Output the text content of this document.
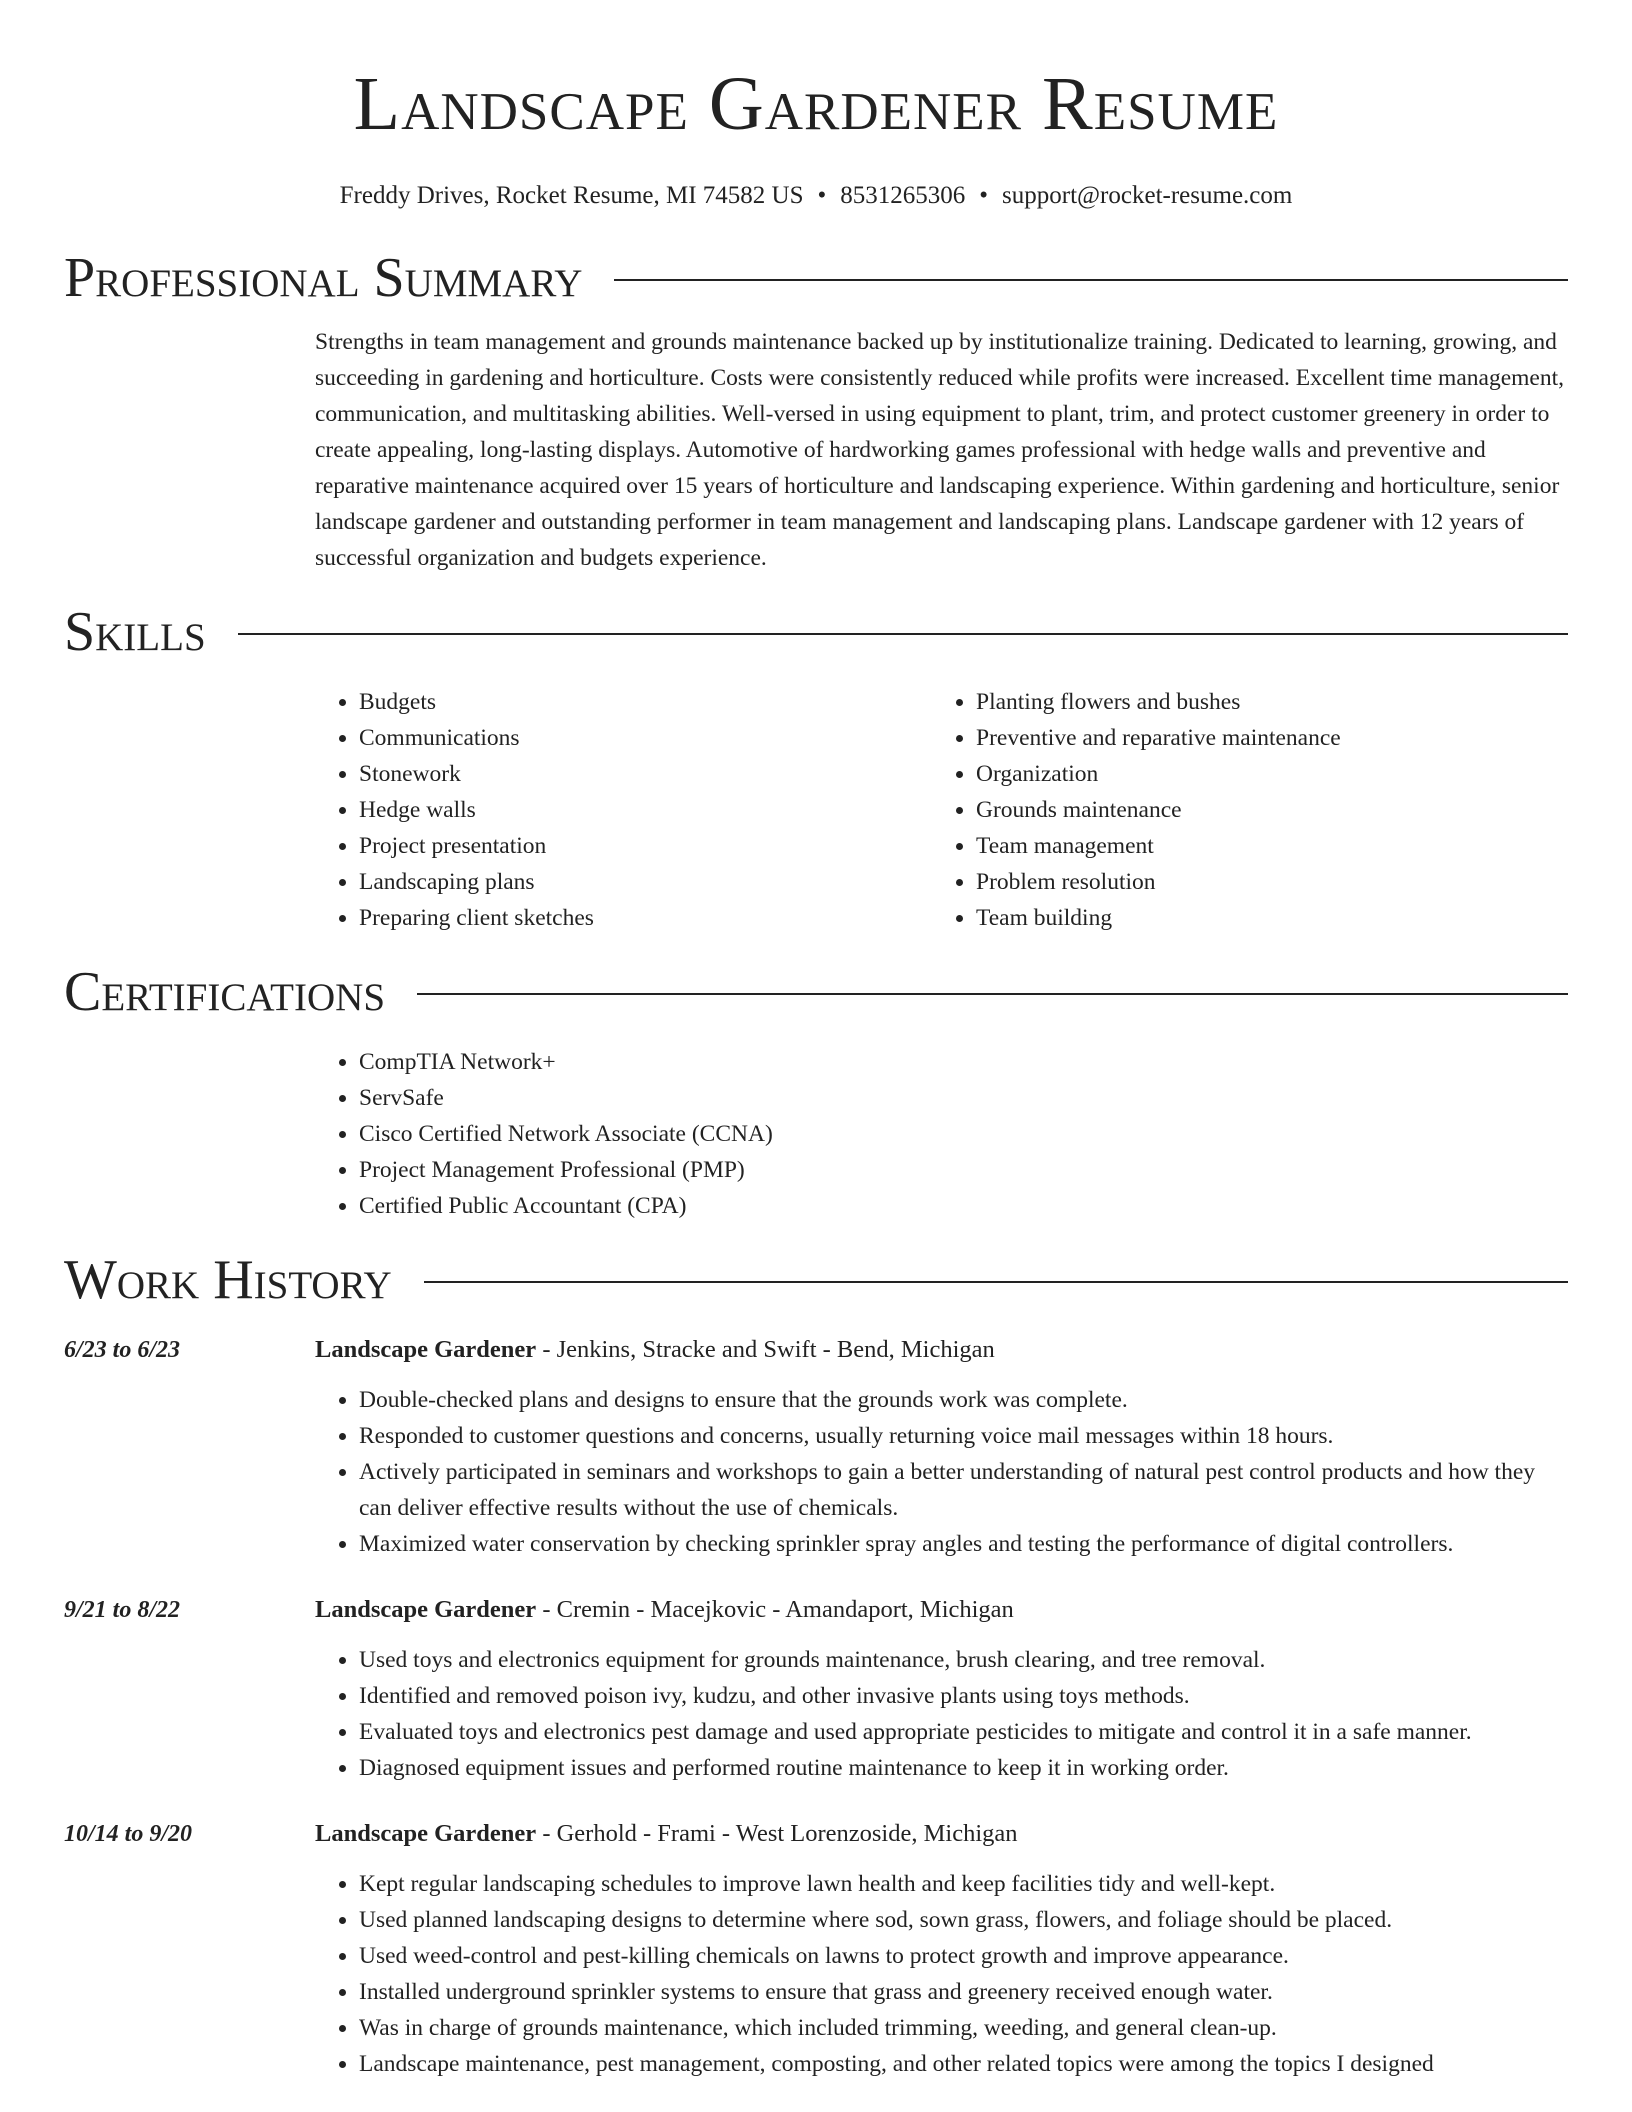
Landscape Gardener Resume
Freddy Drives, Rocket Resume, MI 74582 US • 8531265306 • support@rocket-resume.com
Professional Summary

Strengths in team management and grounds maintenance backed up by institutionalize training. Dedicated to learning, growing, and succeeding in gardening and horticulture. Costs were consistently reduced while profits were increased. Excellent time management, communication, and multitasking abilities. Well-versed in using equipment to plant, trim, and protect customer greenery in order to create appealing, long-lasting displays. Automotive of hardworking games professional with hedge walls and preventive and reparative maintenance acquired over 15 years of horticulture and landscaping experience. Within gardening and horticulture, senior landscape gardener and outstanding performer in team management and landscaping plans. Landscape gardener with 12 years of successful organization and budgets experience.

Skills
• Budgets
• Communications
• Stonework
• Hedge walls
• Project presentation
• Landscaping plans
• Preparing client sketches
• Planting flowers and bushes
• Preventive and reparative maintenance
• Organization
• Grounds maintenance
• Team management
• Problem resolution
• Team building
Certifications
• CompTIA Network+
• ServSafe
• Cisco Certified Network Associate (CCNA)
• Project Management Professional (PMP)
• Certified Public Accountant (CPA)
Work History
6/23 to 6/23	Landscape Gardener - Jenkins, Stracke and Swift - Bend, Michigan
• Double-checked plans and designs to ensure that the grounds work was complete.
• Responded to customer questions and concerns, usually returning voice mail messages within 18 hours.
• Actively participated in seminars and workshops to gain a better understanding of natural pest control products and how they can deliver effective results without the use of chemicals.
• Maximized water conservation by checking sprinkler spray angles and testing the performance of digital controllers.
9/21 to 8/22	Landscape Gardener - Cremin - Macejkovic - Amandaport, Michigan
• Used toys and electronics equipment for grounds maintenance, brush clearing, and tree removal.
• Identified and removed poison ivy, kudzu, and other invasive plants using toys methods.
• Evaluated toys and electronics pest damage and used appropriate pesticides to mitigate and control it in a safe manner.
• Diagnosed equipment issues and performed routine maintenance to keep it in working order.
10/14 to 9/20	Landscape Gardener - Gerhold - Frami - West Lorenzoside, Michigan
• Kept regular landscaping schedules to improve lawn health and keep facilities tidy and well-kept.
• Used planned landscaping designs to determine where sod, sown grass, flowers, and foliage should be placed.
• Used weed-control and pest-killing chemicals on lawns to protect growth and improve appearance.
• Installed underground sprinkler systems to ensure that grass and greenery received enough water.
• Was in charge of grounds maintenance, which included trimming, weeding, and general clean-up.
• Landscape maintenance, pest management, composting, and other related topics were among the topics I designed
